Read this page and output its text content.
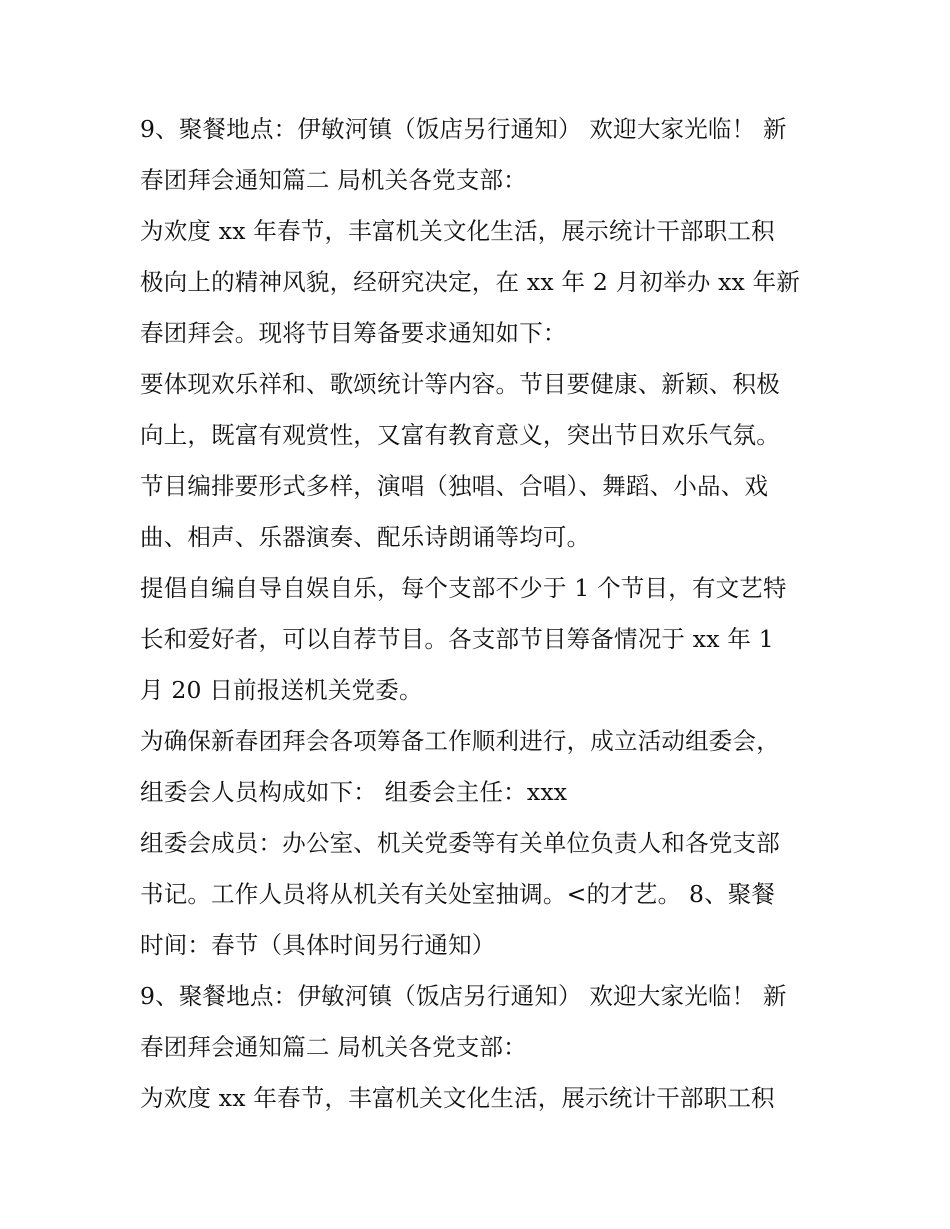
9、聚餐地点：伊敏河镇（饭店另行通知） 欢迎大家光临！ 新
春团拜会通知篇二 局机关各党支部：
为欢度 xx 年春节，丰富机关文化生活，展示统计干部职工积
极向上的精神风貌，经研究决定，在 xx 年 2 月初举办 xx 年新
春团拜会。现将节目筹备要求通知如下：
要体现欢乐祥和、歌颂统计等内容。节目要健康、新颖、积极
向上，既富有观赏性，又富有教育意义，突出节日欢乐气氛。
节目编排要形式多样，演唱（独唱、合唱）、舞蹈、小品、戏
曲、相声、乐器演奏、配乐诗朗诵等均可。
提倡自编自导自娱自乐，每个支部不少于 1 个节目，有文艺特
长和爱好者，可以自荐节目。各支部节目筹备情况于 xx 年 1
月 20 日前报送机关党委。
为确保新春团拜会各项筹备工作顺利进行，成立活动组委会，
组委会人员构成如下： 组委会主任：xxx
组委会成员：办公室、机关党委等有关单位负责人和各党支部
书记。工作人员将从机关有关处室抽调。<的才艺。 8、聚餐
时间：春节（具体时间另行通知）
9、聚餐地点：伊敏河镇（饭店另行通知） 欢迎大家光临！ 新
春团拜会通知篇二 局机关各党支部：
为欢度 xx 年春节，丰富机关文化生活，展示统计干部职工积
